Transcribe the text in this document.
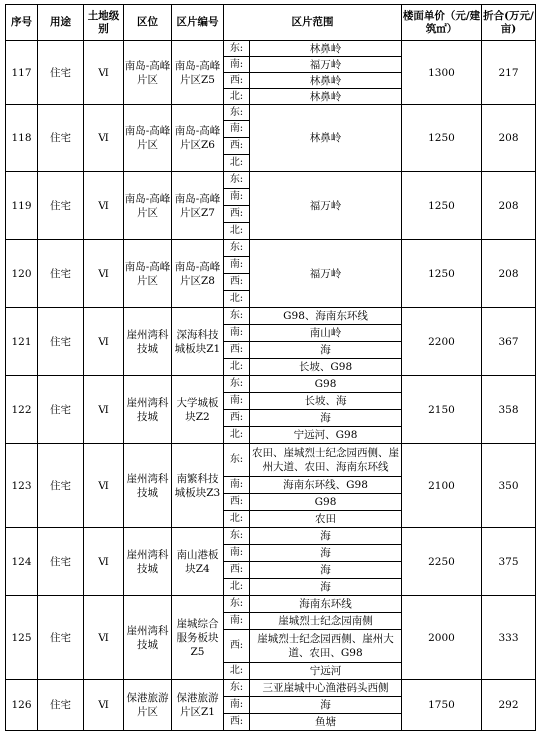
序号	用途	土地级别	区位	区片编号	区片范围		楼面单价（元/建筑㎡）	折合(万元/亩)
117	住宅	Ⅵ	南岛-高峰片区	南岛-高峰片区Z5	东:	林鼻岭	1300	217
					南:	福万岭		
					西:	林鼻岭		
					北:	林鼻岭		
118	住宅	Ⅵ	南岛-高峰片区	南岛-高峰片区Z6	东:	林鼻岭	1250	208
					南:			
					西:			
					北:			
119	住宅	Ⅵ	南岛-高峰片区	南岛-高峰片区Z7	东:	福万岭	1250	208
					南:			
					西:			
					北:			
120	住宅	Ⅵ	南岛-高峰片区	南岛-高峰片区Z8	东:	福万岭	1250	208
					南:			
					西:			
					北:			
121	住宅	Ⅵ	崖州湾科技城	深海科技城板块Z1	东:	G98、海南东环线	2200	367
					南:	南山岭		
					西:	海		
					北:	长坡、G98		
122	住宅	Ⅵ	崖州湾科技城	大学城板块Z2	东:	G98	2150	358
					南:	长坡、海		
					西:	海		
					北:	宁远河、G98		
123	住宅	Ⅵ	崖州湾科技城	南繁科技城板块Z3	东:	农田、崖城烈士纪念园西侧、崖州大道、农田、海南东环线	2100	350
					南:	海南东环线、G98		
					西:	G98		
					北:	农田		
124	住宅	Ⅵ	崖州湾科技城	南山港板块Z4	东:	海	2250	375
					南:	海		
					西:	海		
					北:	海		
125	住宅	Ⅵ	崖州湾科技城	崖城综合服务板块Z5	东:	海南东环线	2000	333
					南:	崖城烈士纪念园南侧		
					西:	崖城烈士纪念园西侧、崖州大道、农田、G98		
					北:	宁远河		
126	住宅	Ⅵ	保港旅游片区	保港旅游片区Z1	东:	三亚崖城中心渔港码头西侧	1750	292
					南:	海		
					西:	鱼塘		
